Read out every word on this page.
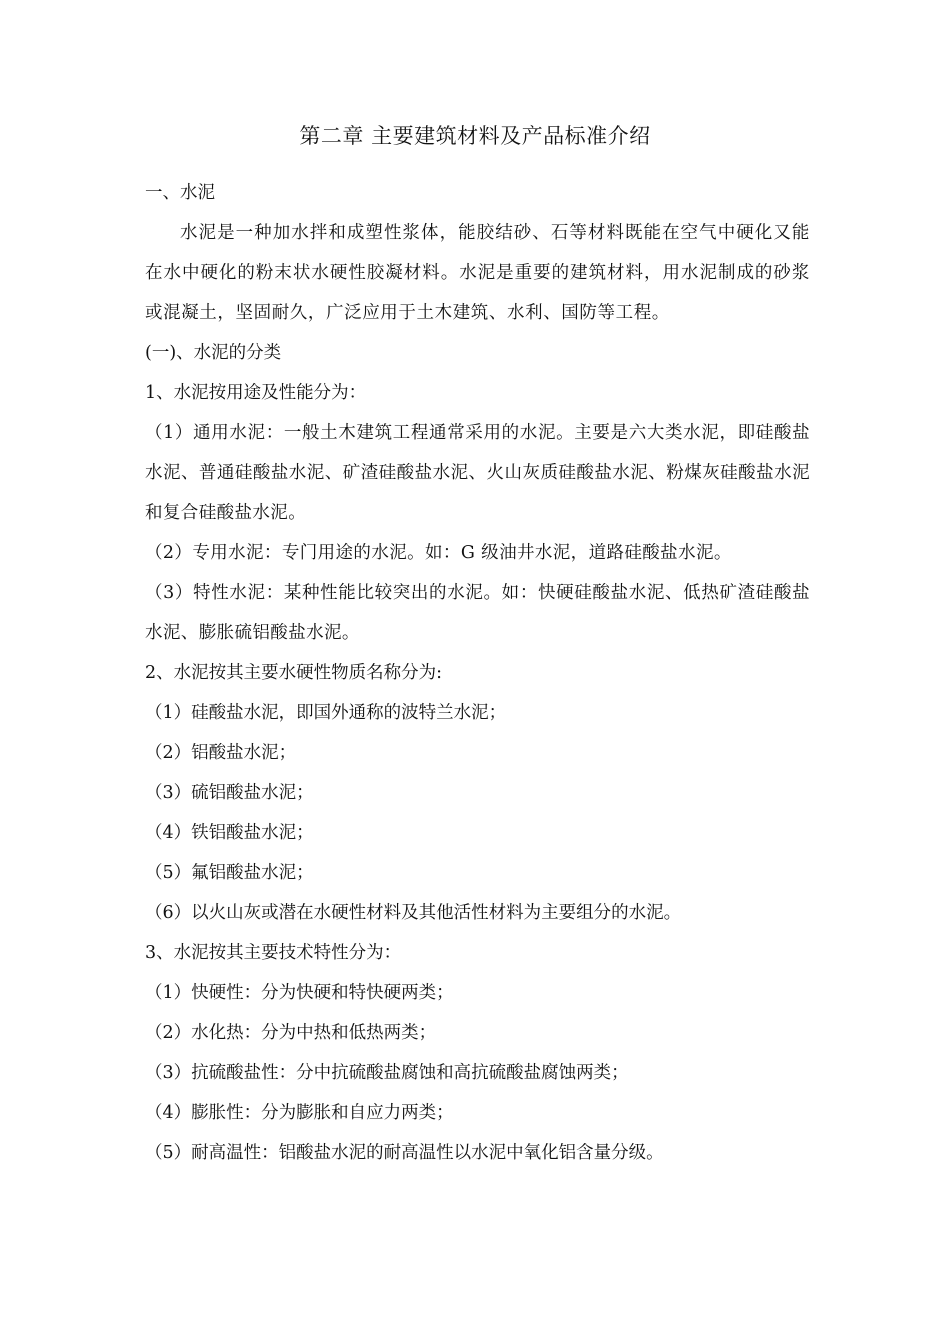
第二章 主要建筑材料及产品标准介绍

一、水泥

水泥是一种加水拌和成塑性浆体，能胶结砂、石等材料既能在空气中硬化又能在水中硬化的粉末状水硬性胶凝材料。水泥是重要的建筑材料，用水泥制成的砂浆或混凝土，坚固耐久，广泛应用于土木建筑、水利、国防等工程。

(一)、水泥的分类

1、水泥按用途及性能分为：

（1）通用水泥：一般土木建筑工程通常采用的水泥。主要是六大类水泥，即硅酸盐水泥、普通硅酸盐水泥、矿渣硅酸盐水泥、火山灰质硅酸盐水泥、粉煤灰硅酸盐水泥和复合硅酸盐水泥。

（2）专用水泥：专门用途的水泥。如：G 级油井水泥，道路硅酸盐水泥。

（3）特性水泥：某种性能比较突出的水泥。如：快硬硅酸盐水泥、低热矿渣硅酸盐水泥、膨胀硫铝酸盐水泥。

2、水泥按其主要水硬性物质名称分为:

（1）硅酸盐水泥，即国外通称的波特兰水泥；

（2）铝酸盐水泥；

（3）硫铝酸盐水泥；

（4）铁铝酸盐水泥；

（5）氟铝酸盐水泥；

（6）以火山灰或潜在水硬性材料及其他活性材料为主要组分的水泥。

3、水泥按其主要技术特性分为：

（1）快硬性：分为快硬和特快硬两类；

（2）水化热：分为中热和低热两类；

（3）抗硫酸盐性：分中抗硫酸盐腐蚀和高抗硫酸盐腐蚀两类；

（4）膨胀性：分为膨胀和自应力两类；

（5）耐高温性：铝酸盐水泥的耐高温性以水泥中氧化铝含量分级。
